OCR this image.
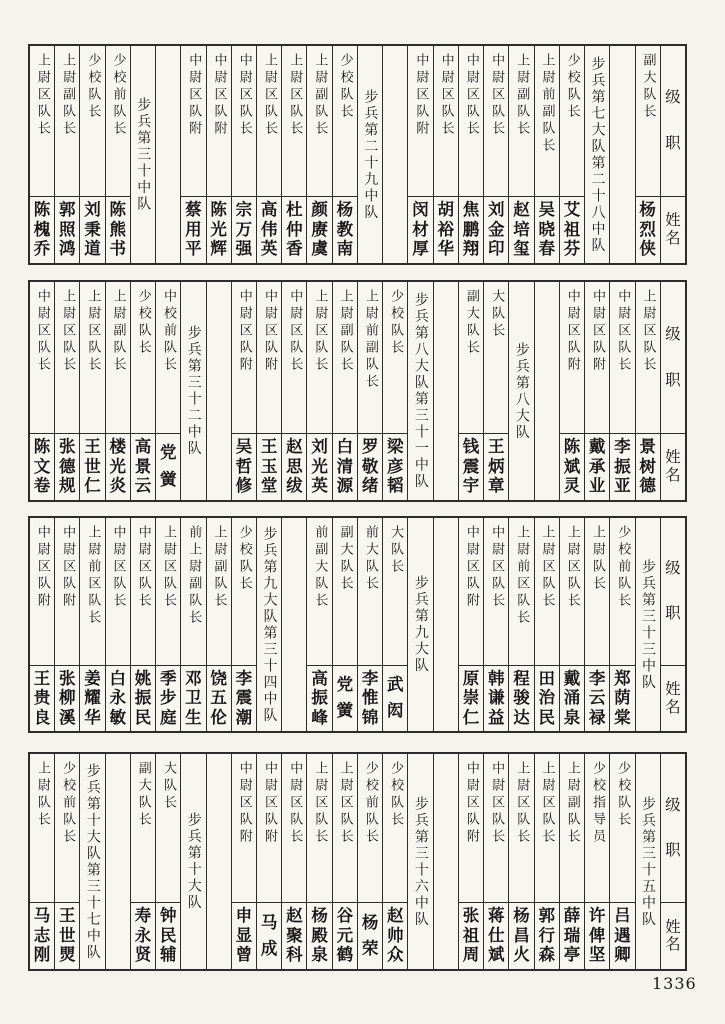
级
职
姓
名
副大队长
杨
烈
侠
步兵第七大队第二十八中队
少校队长
艾
祖
芬
上尉前副队长
吴
晓
春
上尉副队长
赵
培
玺
中尉区队长
刘
金
印
中尉区队长
焦
鹏
翔
中尉区队长
胡
裕
华
中尉区队附
闵
材
厚
步兵第二十九中队
少校队长
杨
教
南
上尉副队长
颜
赓
虞
上尉区队长
杜
仲
香
上尉区队长
高
伟
英
中尉区队长
宗
万
强
中尉区队附
陈
光
辉
中尉区队附
蔡
用
平
步兵第三十中队
少校前队长
陈
熊
书
少校队长
刘
秉
道
上尉副队长
郭
照
鸿
上尉区队长
陈
槐
乔
级
职
姓
名
上尉区队长
景
树
德
中尉区队长
李
振
亚
中尉区队附
戴
承
业
中尉区队附
陈
斌
灵
步兵第八大队
大队长
王
炳
章
副大队长
钱
震
宇
步兵第八大队第三十一中队
少校队长
梁
彦
韬
上尉前副队长
罗
敬
绪
上尉副队长
白
清
源
上尉区队长
刘
光
英
中尉区队长
赵
思
绂
中尉区队附
王
玉
堂
中尉区队附
吴
哲
修
步兵第三十二中队
中校前队长
党
黉
少校队长
高
景
云
上尉副队长
楼
光
炎
上尉区队长
王
世
仁
上尉区队长
张
德
规
中尉区队长
陈
文
卷
级
职
姓
名
步兵第三十三中队
少校前队长
郑
荫
棠
上尉队长
李
云
禄
上尉区队长
戴
涌
泉
上尉区队长
田
治
民
上尉前区队长
程
骏
达
中尉区队长
韩
谦
益
中尉区队附
原
崇
仁
步兵第九大队
大队长
武
闳
前大队长
李
惟
锦
副大队长
党
黉
前副大队长
高
振
峰
步兵第九大队第三十四中队
少校队长
李
震
潮
上尉副队长
饶
五
伦
前上尉副队长
邓
卫
生
上尉区队长
季
步
庭
中尉区队长
姚
振
民
中尉区队长
白
永
敏
上尉前区队长
姜
耀
华
中尉区队附
张
柳
溪
中尉区队附
王
贵
良
级
职
姓
名
步兵第三十五中队
少校队长
吕
遇
卿
少校指导员
许
俾
坚
上尉副队长
薛
瑞
亭
上尉区队长
郭
行
森
上尉区队长
杨
昌
火
中尉区队长
蒋
仕
斌
中尉区队附
张
祖
周
步兵第三十六中队
少校队长
赵
帅
众
少校前队长
杨
荣
上尉区队长
谷
元
鹤
上尉区队长
杨
殿
泉
中尉区队长
赵
聚
科
中尉区队附
马
成
中尉区队附
申
显
曾
步兵第十大队
大队长
钟
民
辅
副大队长
寿
永
贤
步兵第十大队第三十七中队
少校前队长
王
世
煛
上尉队长
马
志
刚
1336
